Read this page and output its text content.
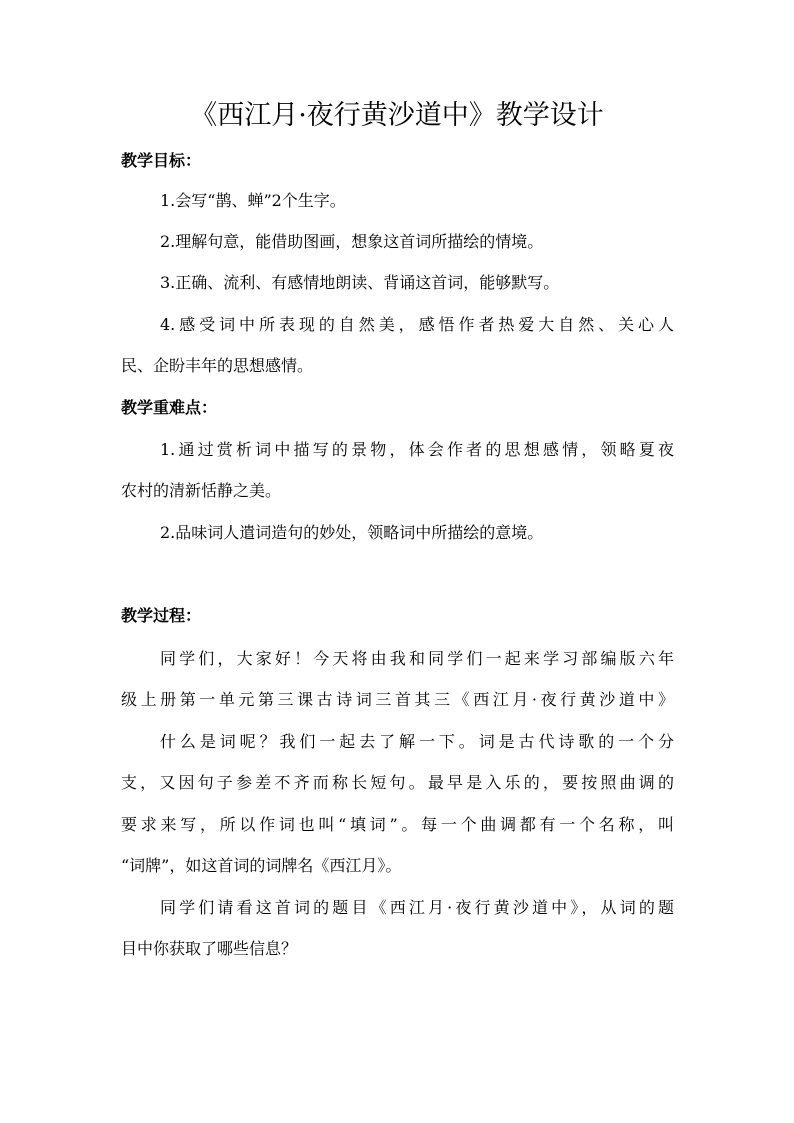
《西江月·夜行黄沙道中》教学设计
教学目标：
1.会写“鹊、蝉”2个生字。
2.理解句意，能借助图画，想象这首词所描绘的情境。
3.正确、流利、有感情地朗读、背诵这首词，能够默写。
4.感受词中所表现的自然美，感悟作者热爱大自然、关心人
民、企盼丰年的思想感情。
教学重难点：
1.通过赏析词中描写的景物，体会作者的思想感情，领略夏夜
农村的清新恬静之美。
2.品味词人遣词造句的妙处，领略词中所描绘的意境。
教学过程：
同学们，大家好！今天将由我和同学们一起来学习部编版六年
级上册第一单元第三课古诗词三首其三《西江月·夜行黄沙道中》
什么是词呢？我们一起去了解一下。词是古代诗歌的一个分
支，又因句子参差不齐而称长短句。最早是入乐的，要按照曲调的
要求来写，所以作词也叫“填词”。每一个曲调都有一个名称，叫
“词牌”，如这首词的词牌名《西江月》。
同学们请看这首词的题目《西江月·夜行黄沙道中》，从词的题
目中你获取了哪些信息？
